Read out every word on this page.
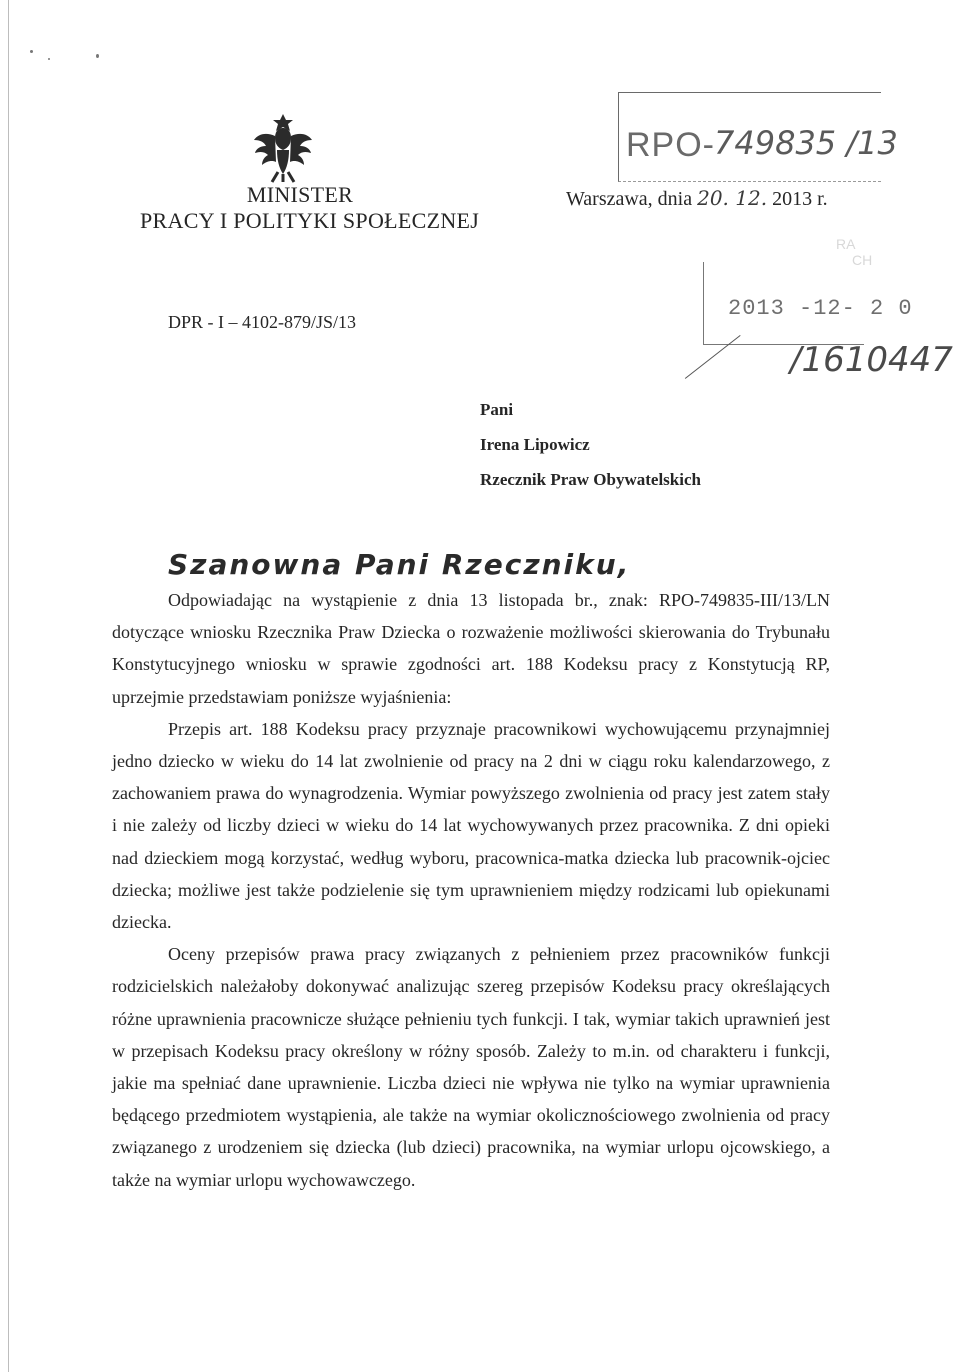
MINISTER
PRACY I POLITYKI SPOŁECZNEJ
RPO- 749835 /13
Warszawa, dnia 20. 12. 2013 r.
RA
CH
2013 -12- 2 0
/1610447
DPR - I – 4102-879/JS/13
Pani
Irena Lipowicz
Rzecznik Praw Obywatelskich
Szanowna Pani Rzeczniku,

Odpowiadając na wystąpienie z dnia 13 listopada br., znak: RPO-749835-III/13/LN dotyczące wniosku Rzecznika Praw Dziecka o rozważenie możliwości skierowania do Trybunału Konstytucyjnego wniosku w sprawie zgodności art. 188 Kodeksu pracy z Konstytucją RP, uprzejmie przedstawiam poniższe wyjaśnienia:

Przepis art. 188 Kodeksu pracy przyznaje pracownikowi wychowującemu przynajmniej jedno dziecko w wieku do 14 lat zwolnienie od pracy na 2 dni w ciągu roku kalendarzowego, z zachowaniem prawa do wynagrodzenia. Wymiar powyższego zwolnienia od pracy jest zatem stały i nie zależy od liczby dzieci w wieku do 14 lat wychowywanych przez pracownika. Z dni opieki nad dzieckiem mogą korzystać, według wyboru, pracownica-matka dziecka lub pracownik-ojciec dziecka; możliwe jest także podzielenie się tym uprawnieniem między rodzicami lub opiekunami dziecka.

Oceny przepisów prawa pracy związanych z pełnieniem przez pracowników funkcji rodzicielskich należałoby dokonywać analizując szereg przepisów Kodeksu pracy określających różne uprawnienia pracownicze służące pełnieniu tych funkcji. I tak, wymiar takich uprawnień jest w przepisach Kodeksu pracy określony w różny sposób. Zależy to m.in. od charakteru i funkcji, jakie ma spełniać dane uprawnienie. Liczba dzieci nie wpływa nie tylko na wymiar uprawnienia będącego przedmiotem wystąpienia, ale także na wymiar okolicznościowego zwolnienia od pracy związanego z urodzeniem się dziecka (lub dzieci) pracownika, na wymiar urlopu ojcowskiego, a także na wymiar urlopu wychowawczego.
